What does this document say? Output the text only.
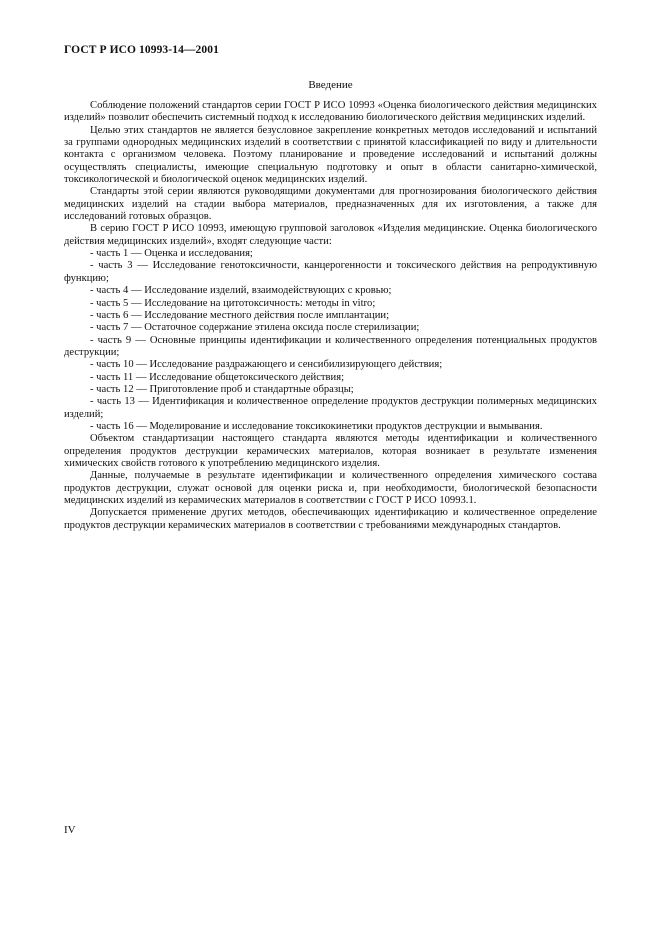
ГОСТ Р ИСО 10993-14—2001
Введение

Соблюдение положений стандартов серии ГОСТ Р ИСО 10993 «Оценка биологического действия медицинских изделий» позволит обеспечить системный подход к исследованию биологического действия медицинских изделий.

Целью этих стандартов не является безусловное закрепление конкретных методов исследований и испытаний за группами однородных медицинских изделий в соответствии с принятой классификацией по виду и длительности контакта с организмом человека. Поэтому планирование и проведение исследований и испытаний должны осуществлять специалисты, имеющие специальную подготовку и опыт в области санитарно-химической, токсикологической и биологической оценок медицинских изделий.

Стандарты этой серии являются руководящими документами для прогнозирования биологического действия медицинских изделий на стадии выбора материалов, предназначенных для их изготовления, а также для исследований готовых образцов.

В серию ГОСТ Р ИСО 10993, имеющую групповой заголовок «Изделия медицинские. Оценка биологического действия медицинских изделий», входят следующие части:

- часть 1 — Оценка и исследования;
- часть 3 — Исследование генотоксичности, канцерогенности и токсического действия на репродуктивную функцию;
- часть 4 — Исследование изделий, взаимодействующих с кровью;
- часть 5 — Исследование на цитотоксичность: методы in vitro;
- часть 6 — Исследование местного действия после имплантации;
- часть 7 — Остаточное содержание этилена оксида после стерилизации;
- часть 9 — Основные принципы идентификации и количественного определения потенциальных продуктов деструкции;
- часть 10 — Исследование раздражающего и сенсибилизирующего действия;
- часть 11 — Исследование общетоксического действия;
- часть 12 — Приготовление проб и стандартные образцы;
- часть 13 — Идентификация и количественное определение продуктов деструкции полимерных медицинских изделий;
- часть 16 — Моделирование и исследование токсикокинетики продуктов деструкции и вымывания.

Объектом стандартизации настоящего стандарта являются методы идентификации и количественного определения продуктов деструкции керамических материалов, которая возникает в результате изменения химических свойств готового к употреблению медицинского изделия.

Данные, получаемые в результате идентификации и количественного определения химического состава продуктов деструкции, служат основой для оценки риска и, при необходимости, биологической безопасности медицинских изделий из керамических материалов в соответствии с ГОСТ Р ИСО 10993.1.

Допускается применение других методов, обеспечивающих идентификацию и количественное определение продуктов деструкции керамических материалов в соответствии с требованиями международных стандартов.

IV
